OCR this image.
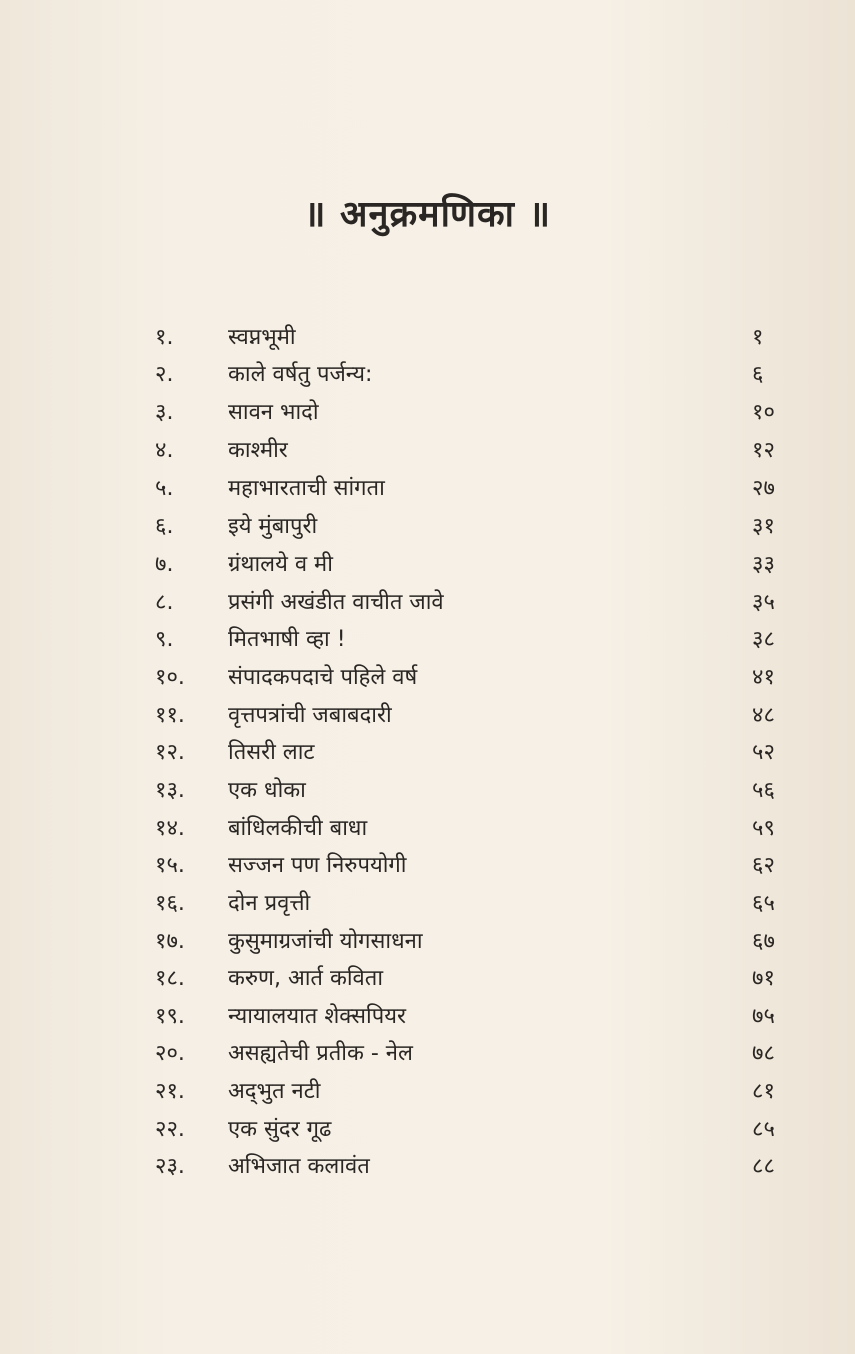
॥ अनुक्रमणिका ॥
१.	स्वप्नभूमी	१
२.	काले वर्षतु पर्जन्य:	६
३.	सावन भादो	१०
४.	काश्मीर	१२
५.	महाभारताची सांगता	२७
६.	इये मुंबापुरी	३१
७.	ग्रंथालये व मी	३३
८.	प्रसंगी अखंडीत वाचीत जावे	३५
९.	मितभाषी व्हा !	३८
१०.	संपादकपदाचे पहिले वर्ष	४१
११.	वृत्तपत्रांची जबाबदारी	४८
१२.	तिसरी लाट	५२
१३.	एक धोका	५६
१४.	बांधिलकीची बाधा	५९
१५.	सज्जन पण निरुपयोगी	६२
१६.	दोन प्रवृत्ती	६५
१७.	कुसुमाग्रजांची योगसाधना	६७
१८.	करुण, आर्त कविता	७१
१९.	न्यायालयात शेक्सपियर	७५
२०.	असह्यतेची प्रतीक - नेल	७८
२१.	अद्‌भुत नटी	८१
२२.	एक सुंदर गूढ	८५
२३.	अभिजात कलावंत	८८
